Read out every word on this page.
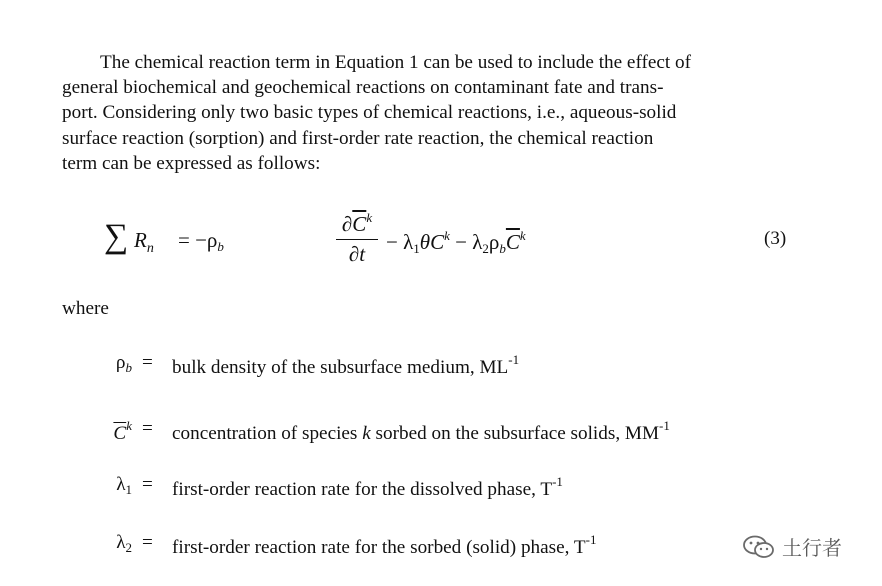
The chemical reaction term in Equation 1 can be used to include the effect of
general biochemical and geochemical reactions on contaminant fate and trans-
port. Considering only two basic types of chemical reactions, i.e., aqueous-solid
surface reaction (sorption) and first-order rate reaction, the chemical reaction
term can be expressed as follows:
∑ $R_n = -\rho_b$	$\frac{\partial\overline{C}^k}{\partial t} - \lambda_1\theta C^k - \lambda_2\rho_b\overline{C}^k$	(3)
where
$\rho_b$ = bulk density of the subsurface medium, $ML^{-1}$
$\overline{C}^k$ = concentration of species k sorbed on the subsurface solids, $MM^{-1}$
$\lambda_1$ = first-order reaction rate for the dissolved phase, $T^{-1}$
$\lambda_2$ = first-order reaction rate for the sorbed (solid) phase, $T^{-1}$	土行者
